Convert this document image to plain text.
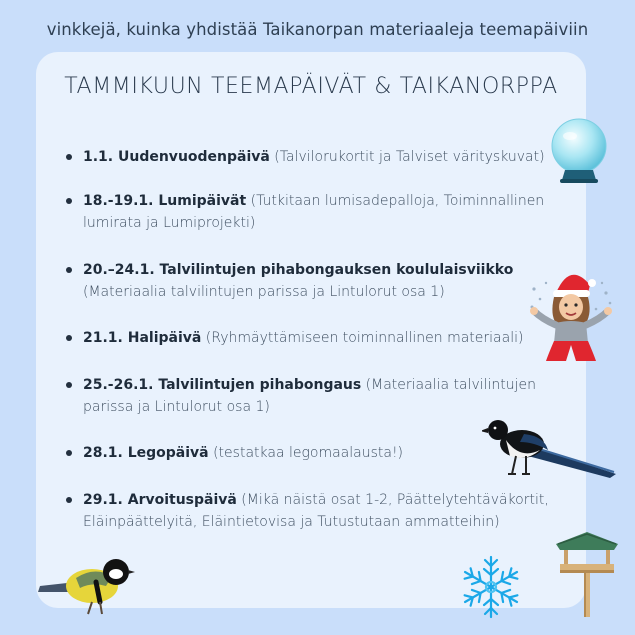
vinkkejä, kuinka yhdistää Taikanorpan materiaaleja teemapäiviin
TAMMIKUUN TEEMAPÄIVÄT & TAIKANORPPA
1.1. Uudenvuodenpäivä (Talvilorukortit ja Talviset värityskuvat)
18.-19.1. Lumipäivät (Tutkitaan lumisadepalloja, Toiminnallinen lumirata ja Lumiprojekti)
20.–24.1. Talvilintujen pihabongauksen koululaisviikko (Materiaalia talvilintujen parissa ja Lintulorut osa 1)
21.1. Halipäivä (Ryhmäyttämiseen toiminnallinen materiaali)
25.-26.1. Talvilintujen pihabongaus (Materiaalia talvilintujen parissa ja Lintulorut osa 1)
28.1. Legopäivä (testatkaa legomaalausta!)
29.1. Arvoituspäivä (Mikä näistä osat 1-2, Päättelytehtäväkortit, Eläinpäättelyitä, Eläintietovisa ja Tutustutaan ammatteihin)
